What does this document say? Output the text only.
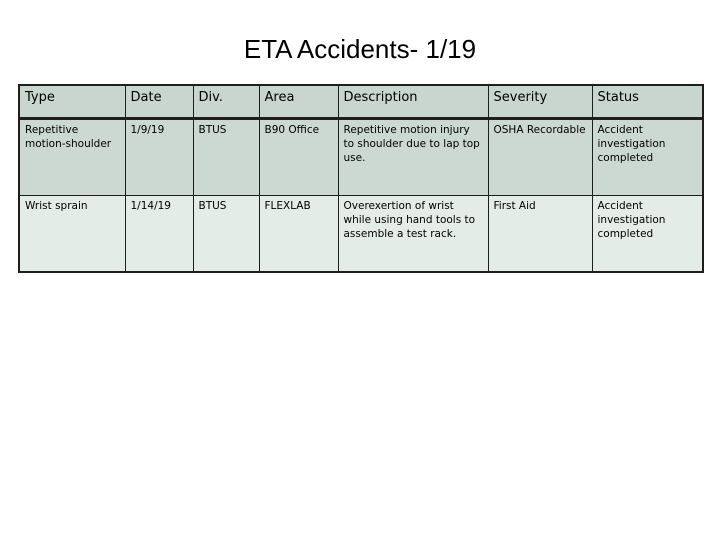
ETA Accidents- 1/19
Type	Date	Div.	Area	Description	Severity	Status
Repetitive motion-shoulder	1/9/19	BTUS	B90 Office	Repetitive motion injury to shoulder due to lap top use.	OSHA Recordable	Accident investigation completed
Wrist sprain	1/14/19	BTUS	FLEXLAB	Overexertion of wrist while using hand tools to assemble a test rack.	First Aid	Accident investigation completed
